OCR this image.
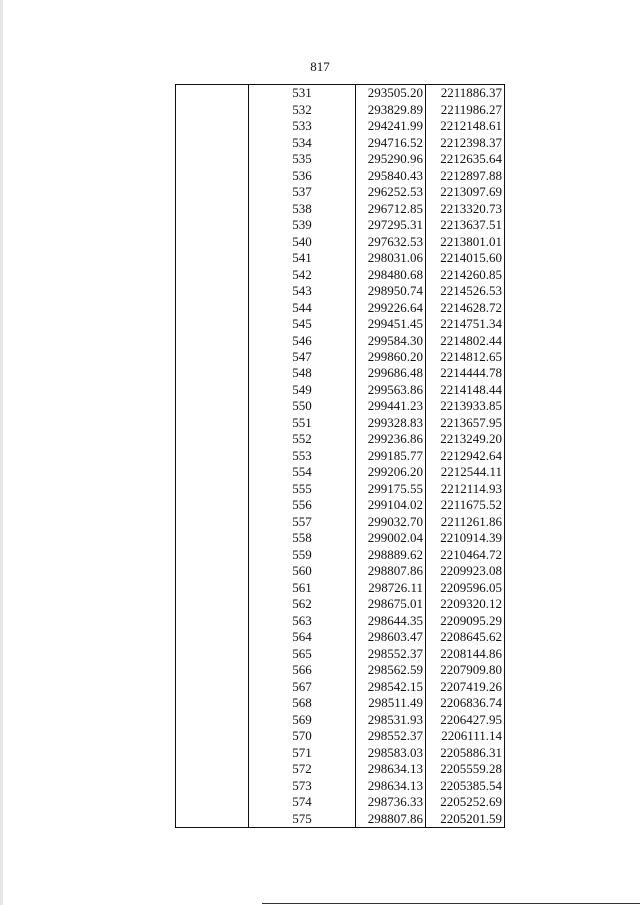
817
	531	293505.20	2211886.37
	532	293829.89	2211986.27
	533	294241.99	2212148.61
	534	294716.52	2212398.37
	535	295290.96	2212635.64
	536	295840.43	2212897.88
	537	296252.53	2213097.69
	538	296712.85	2213320.73
	539	297295.31	2213637.51
	540	297632.53	2213801.01
	541	298031.06	2214015.60
	542	298480.68	2214260.85
	543	298950.74	2214526.53
	544	299226.64	2214628.72
	545	299451.45	2214751.34
	546	299584.30	2214802.44
	547	299860.20	2214812.65
	548	299686.48	2214444.78
	549	299563.86	2214148.44
	550	299441.23	2213933.85
	551	299328.83	2213657.95
	552	299236.86	2213249.20
	553	299185.77	2212942.64
	554	299206.20	2212544.11
	555	299175.55	2212114.93
	556	299104.02	2211675.52
	557	299032.70	2211261.86
	558	299002.04	2210914.39
	559	298889.62	2210464.72
	560	298807.86	2209923.08
	561	298726.11	2209596.05
	562	298675.01	2209320.12
	563	298644.35	2209095.29
	564	298603.47	2208645.62
	565	298552.37	2208144.86
	566	298562.59	2207909.80
	567	298542.15	2207419.26
	568	298511.49	2206836.74
	569	298531.93	2206427.95
	570	298552.37	2206111.14
	571	298583.03	2205886.31
	572	298634.13	2205559.28
	573	298634.13	2205385.54
	574	298736.33	2205252.69
	575	298807.86	2205201.59
